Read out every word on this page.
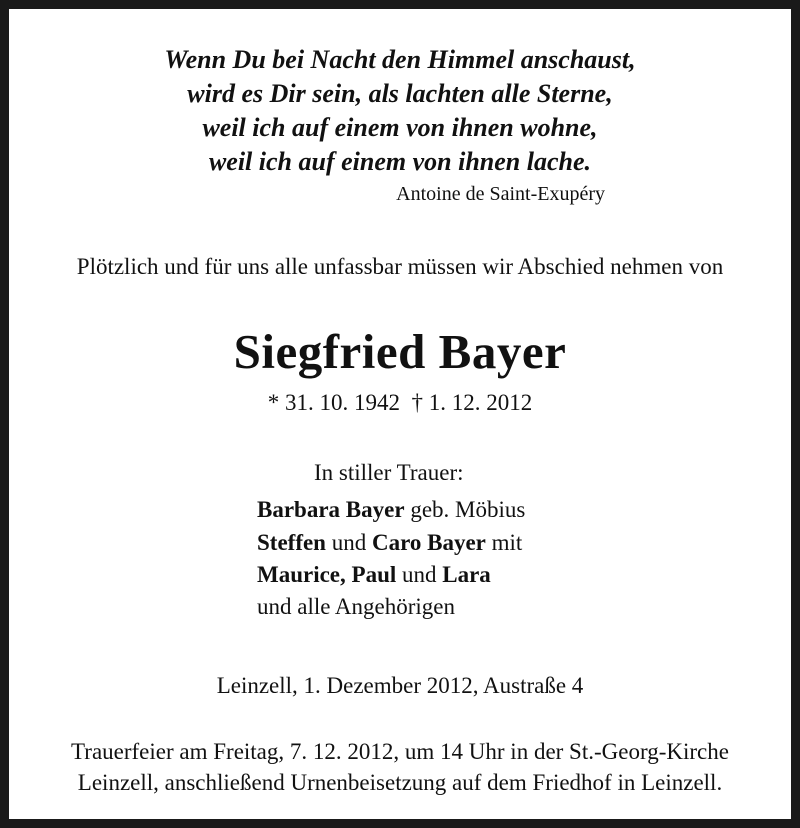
Wenn Du bei Nacht den Himmel anschaust,
wird es Dir sein, als lachten alle Sterne,
weil ich auf einem von ihnen wohne,
weil ich auf einem von ihnen lache.
Antoine de Saint-Exupéry
Plötzlich und für uns alle unfassbar müssen wir Abschied nehmen von
Siegfried Bayer
* 31. 10. 1942  † 1. 12. 2012
In stiller Trauer:
Barbara Bayer geb. Möbius
Steffen und Caro Bayer mit
Maurice, Paul und Lara
und alle Angehörigen
Leinzell, 1. Dezember 2012, Austraße 4
Trauerfeier am Freitag, 7. 12. 2012, um 14 Uhr in der St.-Georg-Kirche
Leinzell, anschließend Urnenbeisetzung auf dem Friedhof in Leinzell.
